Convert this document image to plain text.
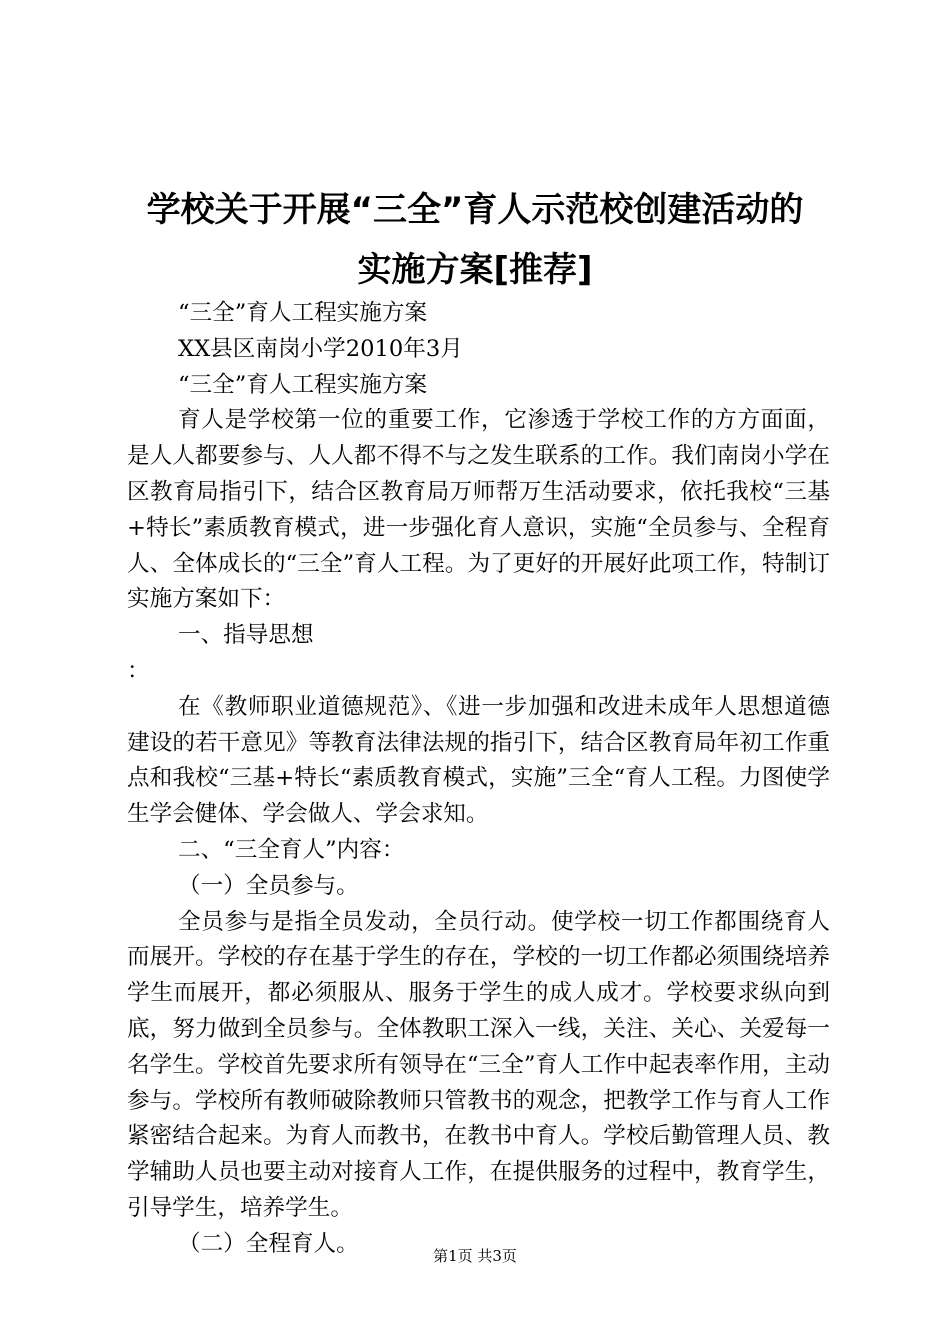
学校关于开展“三全”育人示范校创建活动的
实施方案[推荐]

“三全”育人工程实施方案

XX县区南岗小学2010年3月

“三全”育人工程实施方案

育人是学校第一位的重要工作，它渗透于学校工作的方方面面，是人人都要参与、人人都不得不与之发生联系的工作。我们南岗小学在区教育局指引下，结合区教育局万师帮万生活动要求，依托我校“三基+特长”素质教育模式，进一步强化育人意识，实施“全员参与、全程育人、全体成长的“三全”育人工程。为了更好的开展好此项工作，特制订实施方案如下：

一、指导思想

：

在《教师职业道德规范》、《进一步加强和改进未成年人思想道德建设的若干意见》等教育法律法规的指引下，结合区教育局年初工作重点和我校“三基+特长“素质教育模式，实施”三全“育人工程。力图使学生学会健体、学会做人、学会求知。

二、“三全育人”内容：

（一）全员参与。

全员参与是指全员发动，全员行动。使学校一切工作都围绕育人而展开。学校的存在基于学生的存在，学校的一切工作都必须围绕培养学生而展开，都必须服从、服务于学生的成人成才。学校要求纵向到底，努力做到全员参与。全体教职工深入一线，关注、关心、关爱每一名学生。学校首先要求所有领导在“三全”育人工作中起表率作用，主动参与。学校所有教师破除教师只管教书的观念，把教学工作与育人工作紧密结合起来。为育人而教书，在教书中育人。学校后勤管理人员、教学辅助人员也要主动对接育人工作，在提供服务的过程中，教育学生，引导学生，培养学生。

（二）全程育人。	第1页 共3页
